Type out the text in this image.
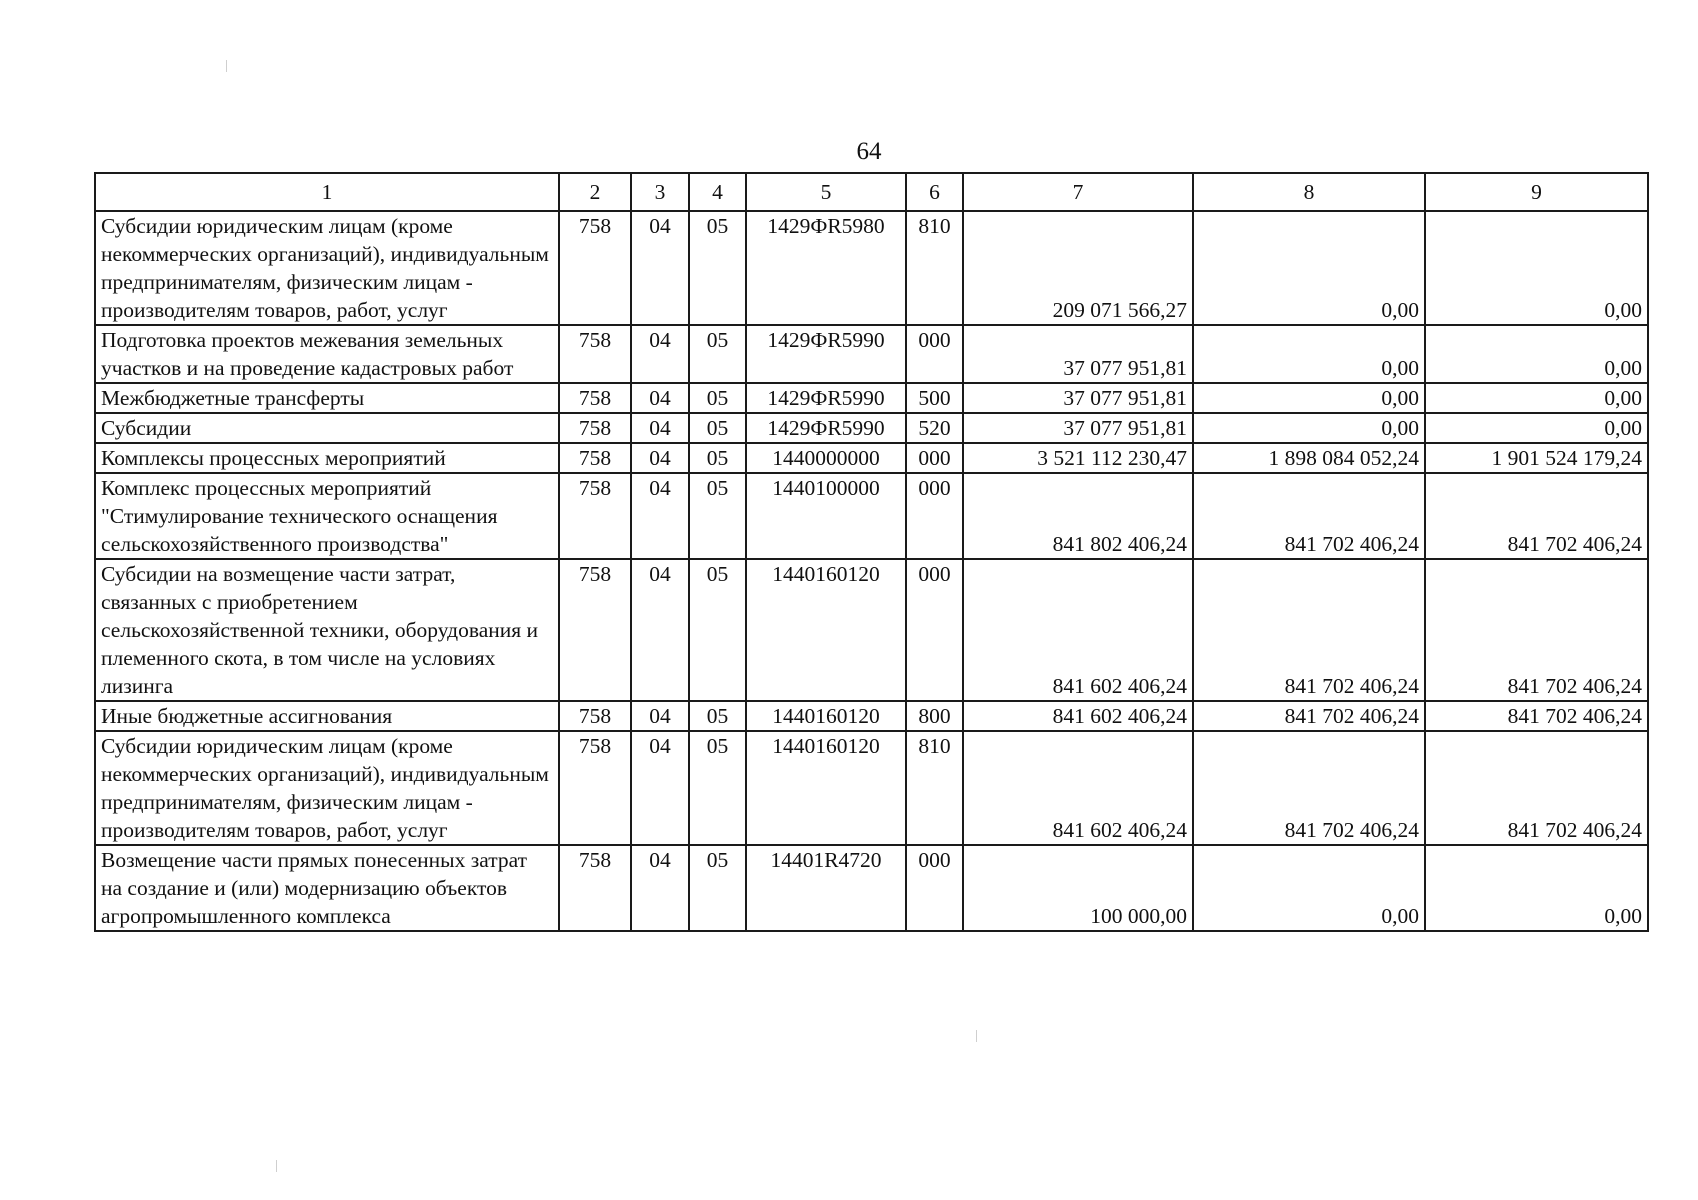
64
1	2	3	4	5	6	7	8	9
Субсидии юридическим лицам (кроме некоммерческих организаций), индивидуальным предпринимателям, физическим лицам - производителям товаров, работ, услуг	758	04	05	1429ФR5980	810	209 071 566,27	0,00	0,00
Подготовка проектов межевания земельных участков и на проведение кадастровых работ	758	04	05	1429ФR5990	000	37 077 951,81	0,00	0,00
Межбюджетные трансферты	758	04	05	1429ФR5990	500	37 077 951,81	0,00	0,00
Субсидии	758	04	05	1429ФR5990	520	37 077 951,81	0,00	0,00
Комплексы процессных мероприятий	758	04	05	1440000000	000	3 521 112 230,47	1 898 084 052,24	1 901 524 179,24
Комплекс процессных мероприятий "Стимулирование технического оснащения сельскохозяйственного производства"	758	04	05	1440100000	000	841 802 406,24	841 702 406,24	841 702 406,24
Субсидии на возмещение части затрат, связанных с приобретением сельскохозяйственной техники, оборудования и племенного скота, в том числе на условиях лизинга	758	04	05	1440160120	000	841 602 406,24	841 702 406,24	841 702 406,24
Иные бюджетные ассигнования	758	04	05	1440160120	800	841 602 406,24	841 702 406,24	841 702 406,24
Субсидии юридическим лицам (кроме некоммерческих организаций), индивидуальным предпринимателям, физическим лицам - производителям товаров, работ, услуг	758	04	05	1440160120	810	841 602 406,24	841 702 406,24	841 702 406,24
Возмещение части прямых понесенных затрат на создание и (или) модернизацию объектов агропромышленного комплекса	758	04	05	14401R4720	000	100 000,00	0,00	0,00
